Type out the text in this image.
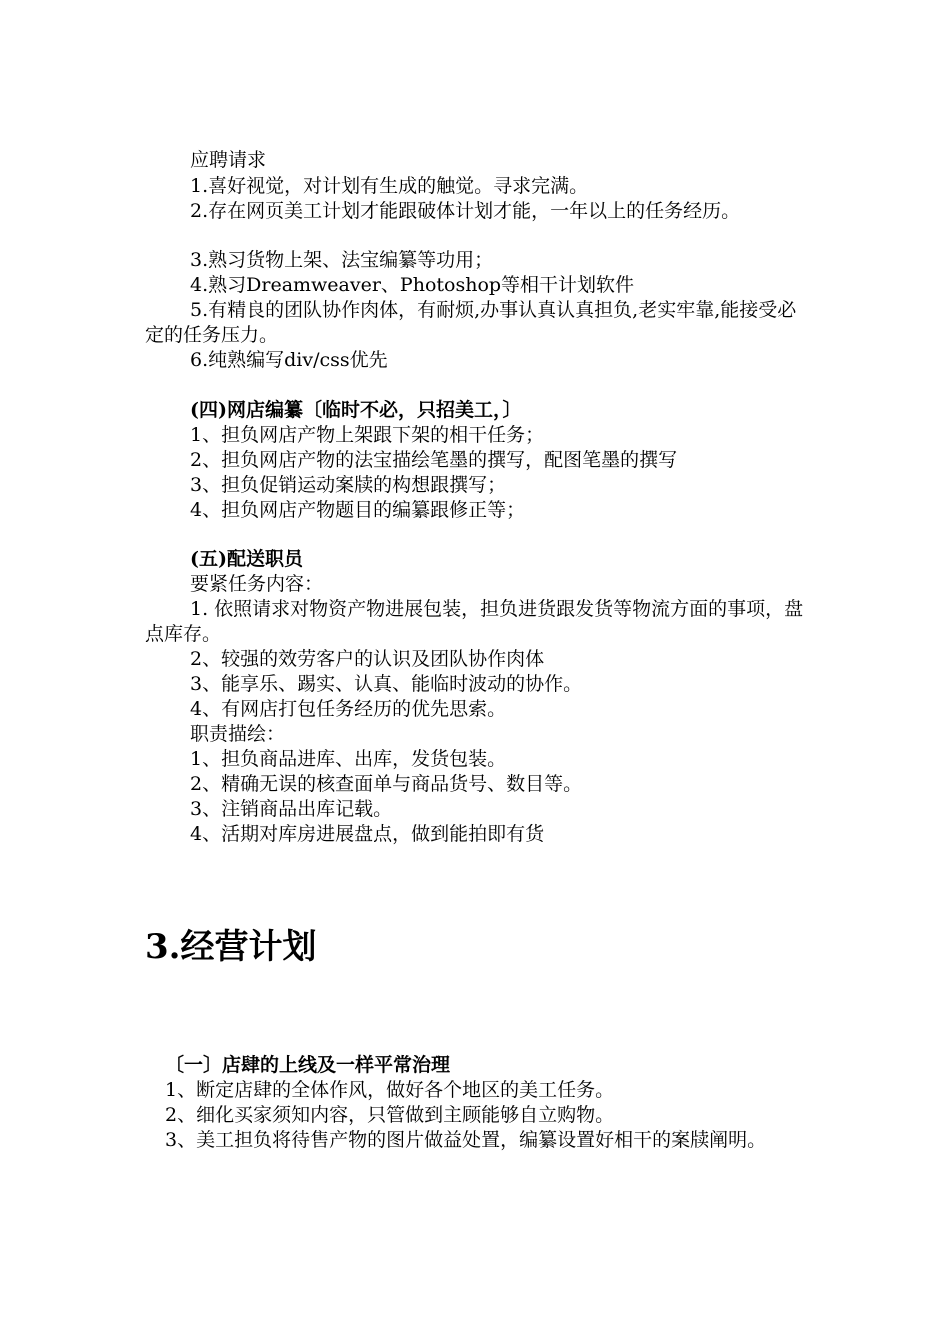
应聘请求

1.喜好视觉，对计划有生成的触觉。寻求完满。

2.存在网页美工计划才能跟破体计划才能，一年以上的任务经历。

3.熟习货物上架、法宝编纂等功用；

4.熟习Dreamweaver、Photoshop等相干计划软件

5.有精良的团队协作肉体，有耐烦,办事认真认真担负,老实牢靠,能接受必定的任务压力。

6.纯熟编写div/css优先

(四)网店编纂〔临时不必，只招美工，〕

1、担负网店产物上架跟下架的相干任务；

2、担负网店产物的法宝描绘笔墨的撰写，配图笔墨的撰写

3、担负促销运动案牍的构想跟撰写；

4、担负网店产物题目的编纂跟修正等；

(五)配送职员

要紧任务内容：

1. 依照请求对物资产物进展包装，担负进货跟发货等物流方面的事项，盘点库存。

2、较强的效劳客户的认识及团队协作肉体

3、能享乐、踢实、认真、能临时波动的协作。

4、有网店打包任务经历的优先思索。

职责描绘：

1、担负商品进库、出库，发货包装。

2、精确无误的核查面单与商品货号、数目等。

3、注销商品出库记载。

4、活期对库房进展盘点，做到能拍即有货

3.经营计划

〔一〕店肆的上线及一样平常治理

1、断定店肆的全体作风，做好各个地区的美工任务。

2、细化买家须知内容，只管做到主顾能够自立购物。

3、美工担负将待售产物的图片做益处置，编纂设置好相干的案牍阐明。
